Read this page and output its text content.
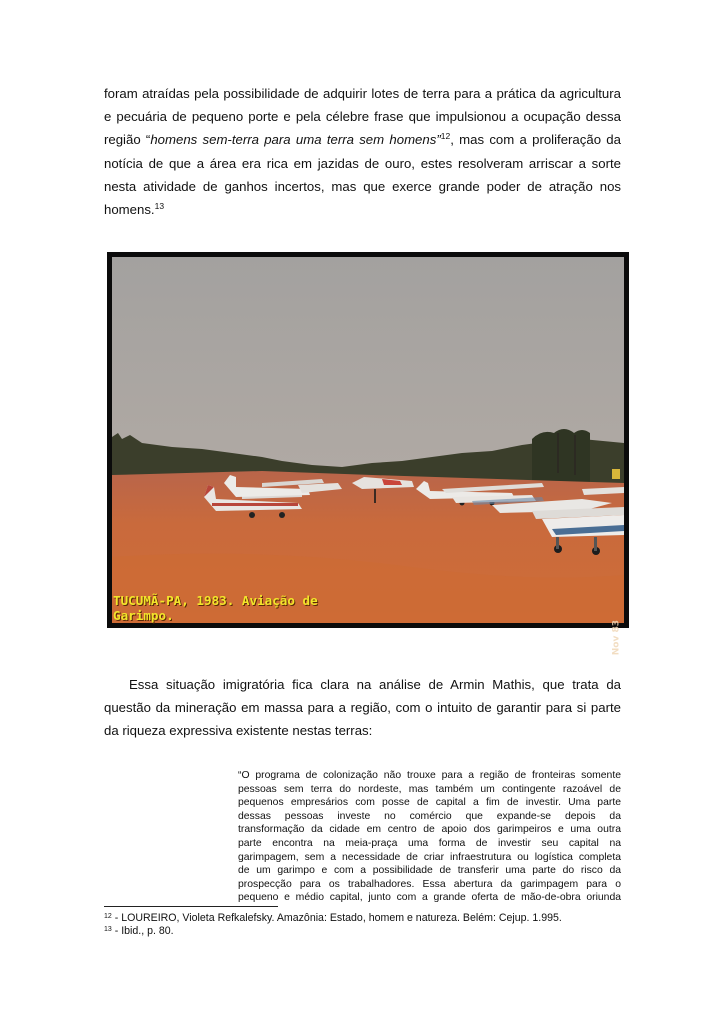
foram atraídas pela possibilidade de adquirir lotes de terra para a prática da agricultura
e pecuária de pequeno porte e pela célebre frase que impulsionou a ocupação dessa
região “homens sem-terra para uma terra sem homens”$^{12}$, mas com a proliferação da
notícia de que a área era rica em jazidas de ouro, estes resolveram arriscar a sorte
nesta atividade de ganhos incertos, mas que exerce grande poder de atração nos
homens.$^{13}$
TUCUMÃ-PA, 1983. Aviação de
Garimpo.
Nov 83
Essa situação imigratória fica clara na análise de Armin Mathis, que trata da
questão da mineração em massa para a região, com o intuito de garantir para si parte
da riqueza expressiva existente nestas terras:
“O programa de colonização não trouxe para a região de fronteiras somente
pessoas sem terra do nordeste, mas também um contingente razoável de
pequenos empresários com posse de capital a fim de investir. Uma parte
dessas pessoas investe no comércio que expande-se depois da
transformação da cidade em centro de apoio dos garimpeiros e uma outra
parte encontra na meia-praça uma forma de investir seu capital na
garimpagem, sem a necessidade de criar infraestrutura ou logística completa
de um garimpo e com a possibilidade de transferir uma parte do risco da
prospecção para os trabalhadores. Essa abertura da garimpagem para o
pequeno e médio capital, junto com a grande oferta de mão-de-obra oriunda
$^{12}$ - LOUREIRO, Violeta Refkalefsky. Amazônia: Estado, homem e natureza. Belém: Cejup. 1.995.
$^{13}$ - Ibid., p. 80.
